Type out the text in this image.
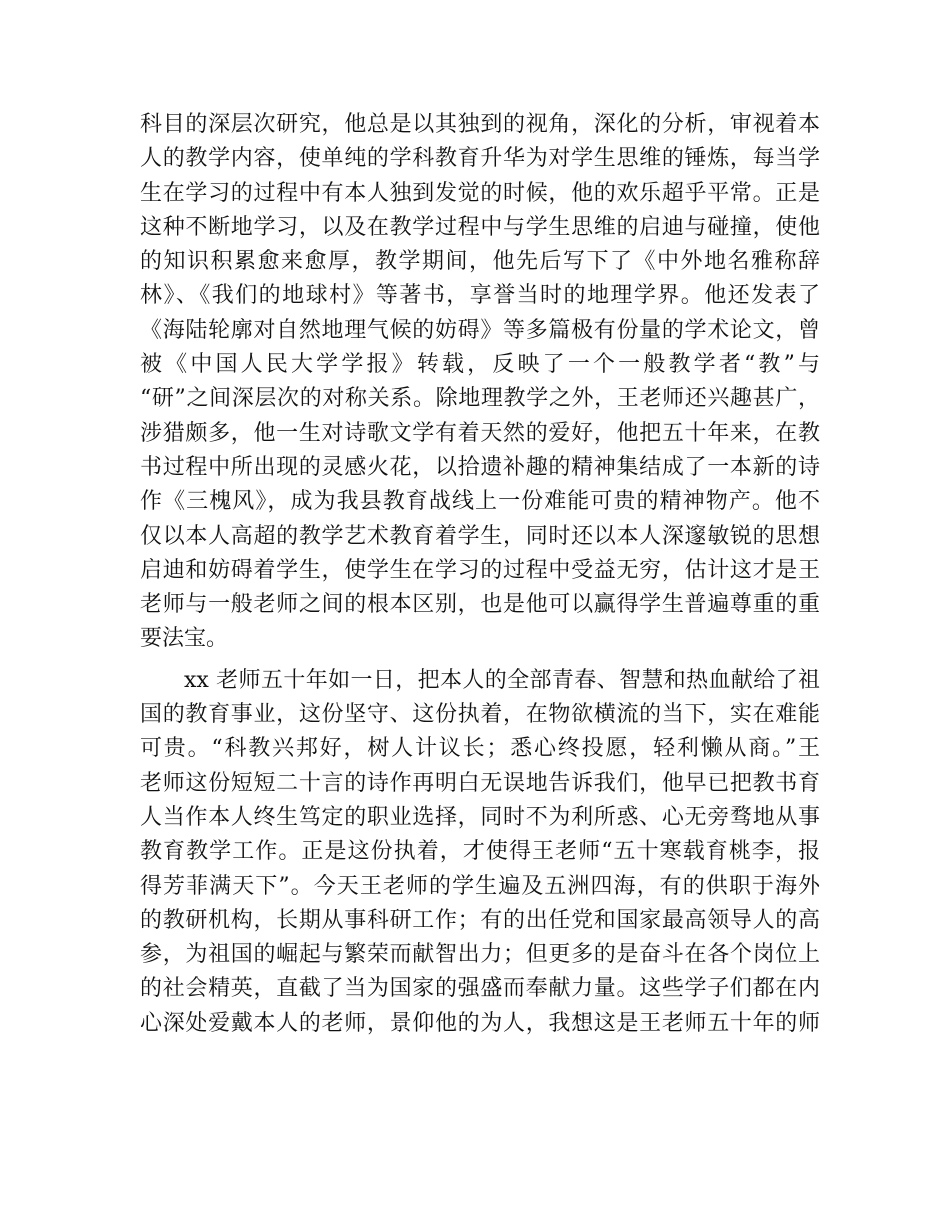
科目的深层次研究，他总是以其独到的视角，深化的分析，审视着本
人的教学内容，使单纯的学科教育升华为对学生思维的锤炼，每当学
生在学习的过程中有本人独到发觉的时候，他的欢乐超乎平常。正是
这种不断地学习，以及在教学过程中与学生思维的启迪与碰撞，使他
的知识积累愈来愈厚，教学期间，他先后写下了《中外地名雅称辞
林》、《我们的地球村》等著书，享誉当时的地理学界。他还发表了
《海陆轮廓对自然地理气候的妨碍》等多篇极有份量的学术论文，曾
被《中国人民大学学报》转载，反映了一个一般教学者“教”与
“研”之间深层次的对称关系。除地理教学之外，王老师还兴趣甚广，
涉猎颇多，他一生对诗歌文学有着天然的爱好，他把五十年来，在教
书过程中所出现的灵感火花，以拾遗补趣的精神集结成了一本新的诗
作《三槐风》，成为我县教育战线上一份难能可贵的精神物产。他不
仅以本人高超的教学艺术教育着学生，同时还以本人深邃敏锐的思想
启迪和妨碍着学生，使学生在学习的过程中受益无穷，估计这才是王
老师与一般老师之间的根本区别，也是他可以赢得学生普遍尊重的重
要法宝。
xx 老师五十年如一日，把本人的全部青春、智慧和热血献给了祖
国的教育事业，这份坚守、这份执着，在物欲横流的当下，实在难能
可贵。“科教兴邦好，树人计议长；悉心终投愿，轻利懒从商。”王
老师这份短短二十言的诗作再明白无误地告诉我们，他早已把教书育
人当作本人终生笃定的职业选择，同时不为利所惑、心无旁骛地从事
教育教学工作。正是这份执着，才使得王老师“五十寒载育桃李，报
得芳菲满天下”。今天王老师的学生遍及五洲四海，有的供职于海外
的教研机构，长期从事科研工作；有的出任党和国家最高领导人的高
参，为祖国的崛起与繁荣而献智出力；但更多的是奋斗在各个岗位上
的社会精英，直截了当为国家的强盛而奉献力量。这些学子们都在内
心深处爱戴本人的老师，景仰他的为人，我想这是王老师五十年的师
